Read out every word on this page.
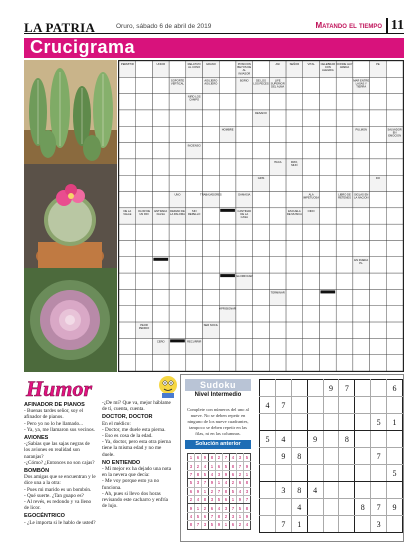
LA PATRIA	Oruro, sábado 6 de abril de 2019	Matando el tiempo 11
Crucigrama
PERMITIR	UNCIR	RELATIVO AL CONO
GRANO	POSICION BEYOS DE AL INVASOR
ANI	SEÑOR	VITAL CELEBRAR CON ALEGRIA
DONDE HAY ARENA
PE
SOPORTE VERTICAL
AGUJERO AGUJERO
BORIO	DE LOS LOS PECES
LIFE SUPERIOR DEL ALMA
MAR ENTRE LASAS Y TIERRA
NIÑO LOS CAMPO
DESAFIO
HOMBRE	PULMON
INCIENSO
SALVADOR EN EMOCION
ITACA	FRIO, MIJO
GRIS	DO
UNO	TRABAJADORES	DAMASIA	ALA IMPETUOSA
LIBRO DE RETENES
SIGLAS EN LA NACION
DE LA VALLE
OLOR DE UN RIO
ENTRADA FALSA
DEIDAD DE LA PALOMA
SIN REPELLO
CANTIDAD DE LA CASA
ESCUELA DE MUSICA
OIDO
EN RUEDA PL.
GLORIFICAR
TERMINAR
APRISIONAR
SER NOCIL
CERO
PEOR PEDIDO
RECURRIR
Humor
AFINADOR DE PIANOS
- Buenas tardes señor, soy el afinador de pianos.
- Pero yo no lo he llamado...
- Ya, ya, me llamaron sus vecinos.
AVIONES
-¿Sabías que las sajas negras de los aviones en realidad son naranjas?
-¿Cómo? ¿Entonces no son cajas?
BOMBÓN
Dos amigas que se encuentran y le dice una a la otra:
- Pues mi marido es un bombón.
- Qué suerte. ¿Tan guapo es?
- Al revés, es redondo y va lleno de licor.
EGOCÉNTRICO
- ¿Le importa si le hablo de usted?
-¿De mí? Que va, mejor háblame de tí, cuenta, cuenta.
DOCTOR, DOCTOR
En el médico:
- Doctor, me duele esta pierna.
- Eso es cosa de la edad.
- Ya, doctor, pero esta otra pierna tiene la misma edad y no me duele.
NO ENTIENDO
- Mi mejor ex ha dejado una nota en la nevera que decía:
- Me voy porque esto ya no funciona.
- Ah, pues si llevo dos horas revisando este cacharro y enfría de lujo.
Sudoku
Nivel Intermedio
Complete con números del uno al nueve. No se deben repetir en ninguno de los nueve cuadrantes, tampoco se deben repetir en las filas, ni en las columnas.
Solución anterior
1	6	9	8	2	7	4	3	5
3	2	4	1	6	5	8	7	9
7	8	5	4	3	9	6	2	1
5	3	7	9	1	4	2	6	8
6	9	1	2	7	8	5	4	3
2	4	8	3	5	6	1	9	7
9	1	2	6	4	3	7	5	8
4	5	6	7	8	2	3	1	9
8	7	3	5	9	1	6	2	4
				9	7			6
4	7							
							5	1
5	4		9		8			
	9	8					7	
								5
	3	8	4					
		4				8	7	9
	7	1					3	
